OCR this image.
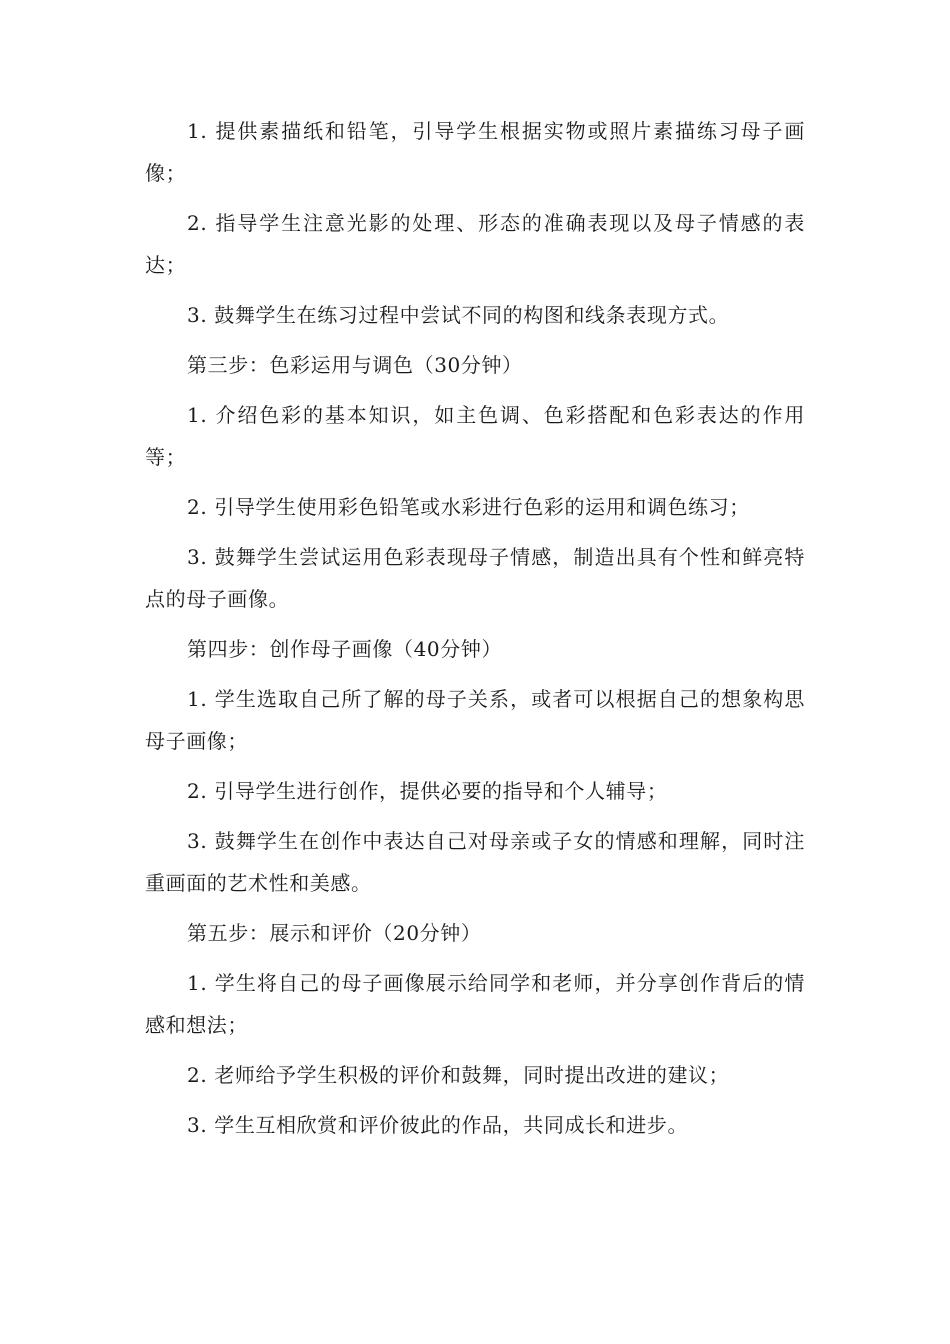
1. 提供素描纸和铅笔，引导学生根据实物或照片素描练习母子画像；

2. 指导学生注意光影的处理、形态的准确表现以及母子情感的表达；

3. 鼓舞学生在练习过程中尝试不同的构图和线条表现方式。

第三步：色彩运用与调色（30分钟）

1. 介绍色彩的基本知识，如主色调、色彩搭配和色彩表达的作用等；

2. 引导学生使用彩色铅笔或水彩进行色彩的运用和调色练习；

3. 鼓舞学生尝试运用色彩表现母子情感，制造出具有个性和鲜亮特点的母子画像。

第四步：创作母子画像（40分钟）

1. 学生选取自己所了解的母子关系，或者可以根据自己的想象构思母子画像；

2. 引导学生进行创作，提供必要的指导和个人辅导；

3. 鼓舞学生在创作中表达自己对母亲或子女的情感和理解，同时注重画面的艺术性和美感。

第五步：展示和评价（20分钟）

1. 学生将自己的母子画像展示给同学和老师，并分享创作背后的情感和想法；

2. 老师给予学生积极的评价和鼓舞，同时提出改进的建议；

3. 学生互相欣赏和评价彼此的作品，共同成长和进步。
